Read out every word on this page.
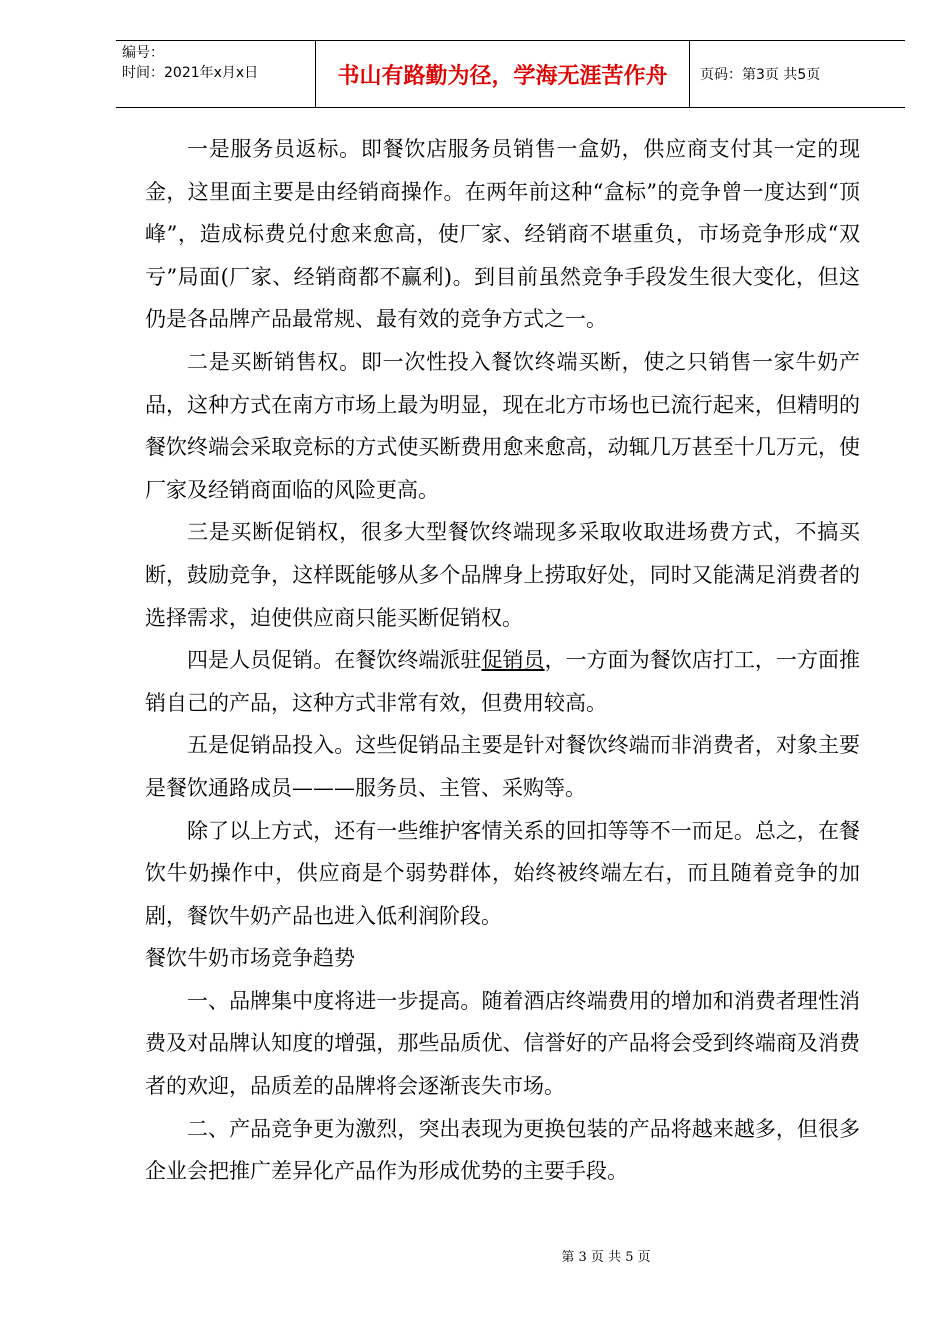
编号：
时间：2021年x月x日	书山有路勤为径，学海无涯苦作舟	页码：第3页 共5页

一是服务员返标。即餐饮店服务员销售一盒奶，供应商支付其一定的现金，这里面主要是由经销商操作。在两年前这种“盒标”的竞争曾一度达到“顶峰”，造成标费兑付愈来愈高，使厂家、经销商不堪重负，市场竞争形成“双亏”局面(厂家、经销商都不赢利)。到目前虽然竞争手段发生很大变化，但这仍是各品牌产品最常规、最有效的竞争方式之一。

二是买断销售权。即一次性投入餐饮终端买断，使之只销售一家牛奶产品，这种方式在南方市场上最为明显，现在北方市场也已流行起来，但精明的餐饮终端会采取竞标的方式使买断费用愈来愈高，动辄几万甚至十几万元，使厂家及经销商面临的风险更高。

三是买断促销权，很多大型餐饮终端现多采取收取进场费方式，不搞买断，鼓励竞争，这样既能够从多个品牌身上捞取好处，同时又能满足消费者的选择需求，迫使供应商只能买断促销权。

四是人员促销。在餐饮终端派驻促销员，一方面为餐饮店打工，一方面推销自己的产品，这种方式非常有效，但费用较高。

五是促销品投入。这些促销品主要是针对餐饮终端而非消费者，对象主要是餐饮通路成员———服务员、主管、采购等。

除了以上方式，还有一些维护客情关系的回扣等等不一而足。总之，在餐饮牛奶操作中，供应商是个弱势群体，始终被终端左右，而且随着竞争的加剧，餐饮牛奶产品也进入低利润阶段。

餐饮牛奶市场竞争趋势

一、品牌集中度将进一步提高。随着酒店终端费用的增加和消费者理性消费及对品牌认知度的增强，那些品质优、信誉好的产品将会受到终端商及消费者的欢迎，品质差的品牌将会逐渐丧失市场。

二、产品竞争更为激烈，突出表现为更换包装的产品将越来越多，但很多企业会把推广差异化产品作为形成优势的主要手段。

第 3 页 共 5 页
